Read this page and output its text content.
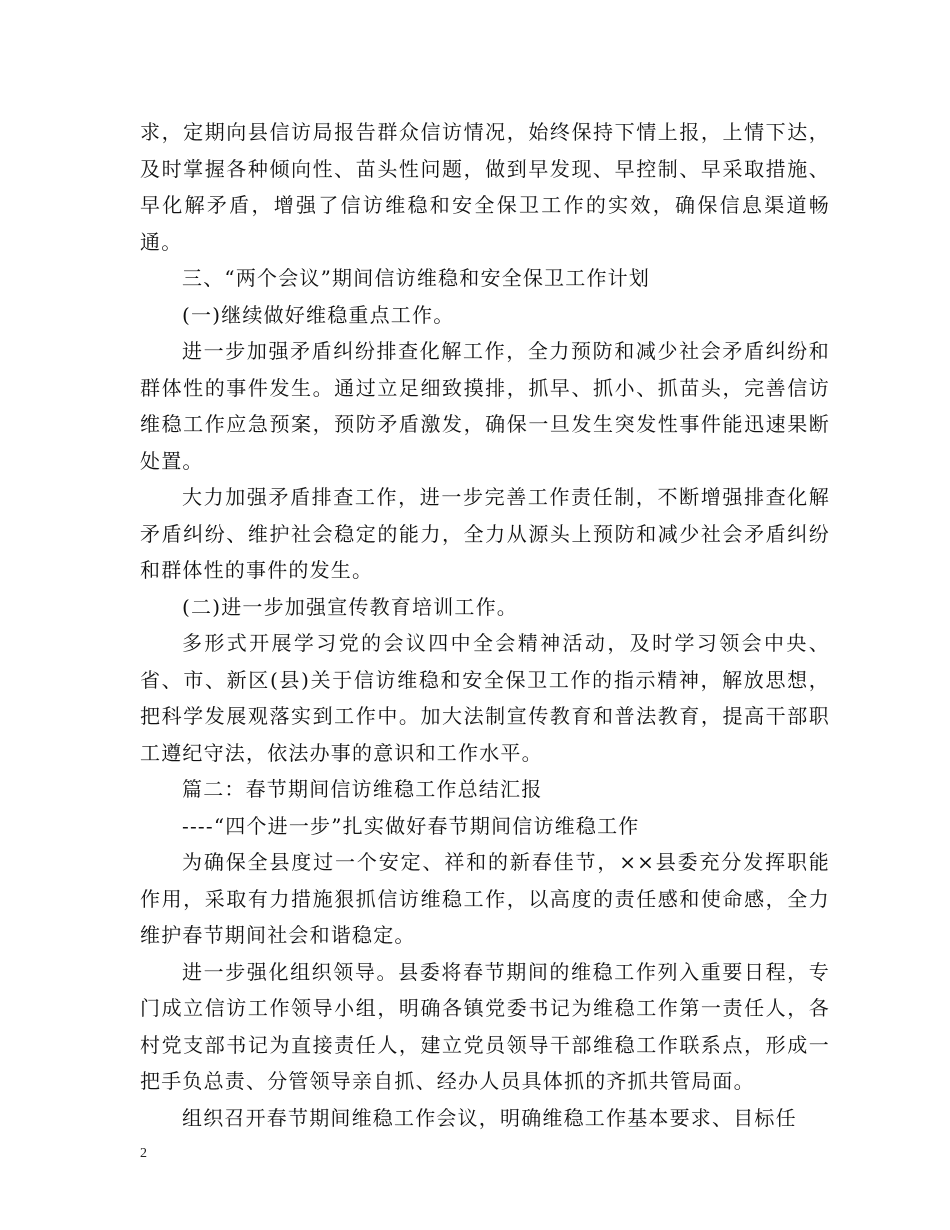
求，定期向县信访局报告群众信访情况，始终保持下情上报，上情下达，及时掌握各种倾向性、苗头性问题，做到早发现、早控制、早采取措施、早化解矛盾，增强了信访维稳和安全保卫工作的实效，确保信息渠道畅通。

三、“两个会议”期间信访维稳和安全保卫工作计划

(一)继续做好维稳重点工作。

进一步加强矛盾纠纷排查化解工作，全力预防和减少社会矛盾纠纷和群体性的事件发生。通过立足细致摸排，抓早、抓小、抓苗头，完善信访维稳工作应急预案，预防矛盾激发，确保一旦发生突发性事件能迅速果断处置。

大力加强矛盾排查工作，进一步完善工作责任制，不断增强排查化解矛盾纠纷、维护社会稳定的能力，全力从源头上预防和减少社会矛盾纠纷和群体性的事件的发生。

(二)进一步加强宣传教育培训工作。

多形式开展学习党的会议四中全会精神活动，及时学习领会中央、省、市、新区(县)关于信访维稳和安全保卫工作的指示精神，解放思想，把科学发展观落实到工作中。加大法制宣传教育和普法教育，提高干部职工遵纪守法，依法办事的意识和工作水平。

篇二：春节期间信访维稳工作总结汇报

----“四个进一步”扎实做好春节期间信访维稳工作

为确保全县度过一个安定、祥和的新春佳节，××县委充分发挥职能作用，采取有力措施狠抓信访维稳工作，以高度的责任感和使命感，全力维护春节期间社会和谐稳定。

进一步强化组织领导。县委将春节期间的维稳工作列入重要日程，专门成立信访工作领导小组，明确各镇党委书记为维稳工作第一责任人，各村党支部书记为直接责任人，建立党员领导干部维稳工作联系点，形成一把手负总责、分管领导亲自抓、经办人员具体抓的齐抓共管局面。

组织召开春节期间维稳工作会议，明确维稳工作基本要求、目标任

2
